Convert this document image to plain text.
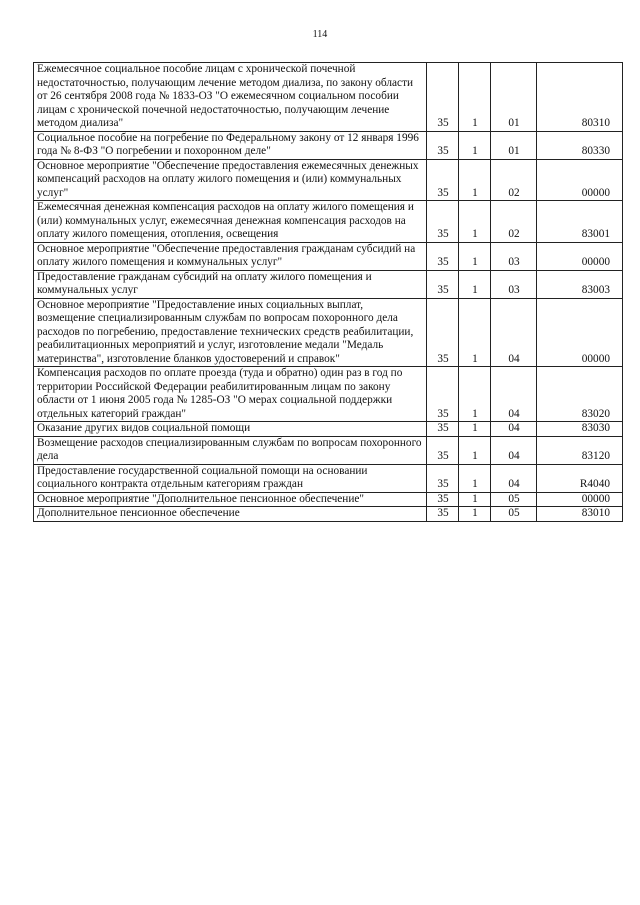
114
Ежемесячное социальное пособие лицам с хронической почечной недостаточностью, получающим лечение методом диализа, по закону области от 26 сентября 2008 года № 1833-ОЗ "О ежемесячном социальном пособии лицам с хронической почечной недостаточностью, получающим лечение методом диализа"	35	1	01	80310
Социальное пособие на погребение по Федеральному закону от 12 января 1996 года № 8-ФЗ "О погребении и похоронном деле"	35	1	01	80330
Основное мероприятие "Обеспечение предоставления ежемесячных денежных компенсаций расходов на оплату жилого помещения и (или) коммунальных услуг"	35	1	02	00000
Ежемесячная денежная компенсация расходов на оплату жилого помещения и (или) коммунальных услуг, ежемесячная денежная компенсация расходов на оплату жилого помещения, отопления, освещения	35	1	02	83001
Основное мероприятие "Обеспечение предоставления гражданам субсидий на оплату жилого помещения и коммунальных услуг"	35	1	03	00000
Предоставление гражданам субсидий на оплату жилого помещения и коммунальных услуг	35	1	03	83003
Основное мероприятие "Предоставление иных социальных выплат, возмещение специализированным службам по вопросам похоронного дела расходов по погребению, предоставление технических средств реабилитации, реабилитационных мероприятий и услуг, изготовление медали "Медаль материнства", изготовление бланков удостоверений и справок"	35	1	04	00000
Компенсация расходов по оплате проезда (туда и обратно) один раз в год по территории Российской Федерации реабилитированным лицам по закону области от 1 июня 2005 года № 1285-ОЗ "О мерах социальной поддержки отдельных категорий граждан"	35	1	04	83020
Оказание других видов социальной помощи	35	1	04	83030
Возмещение расходов специализированным службам по вопросам похоронного дела	35	1	04	83120
Предоставление государственной социальной помощи на основании социального контракта отдельным категориям граждан	35	1	04	R4040
Основное мероприятие "Дополнительное пенсионное обеспечение"	35	1	05	00000
Дополнительное пенсионное обеспечение	35	1	05	83010
